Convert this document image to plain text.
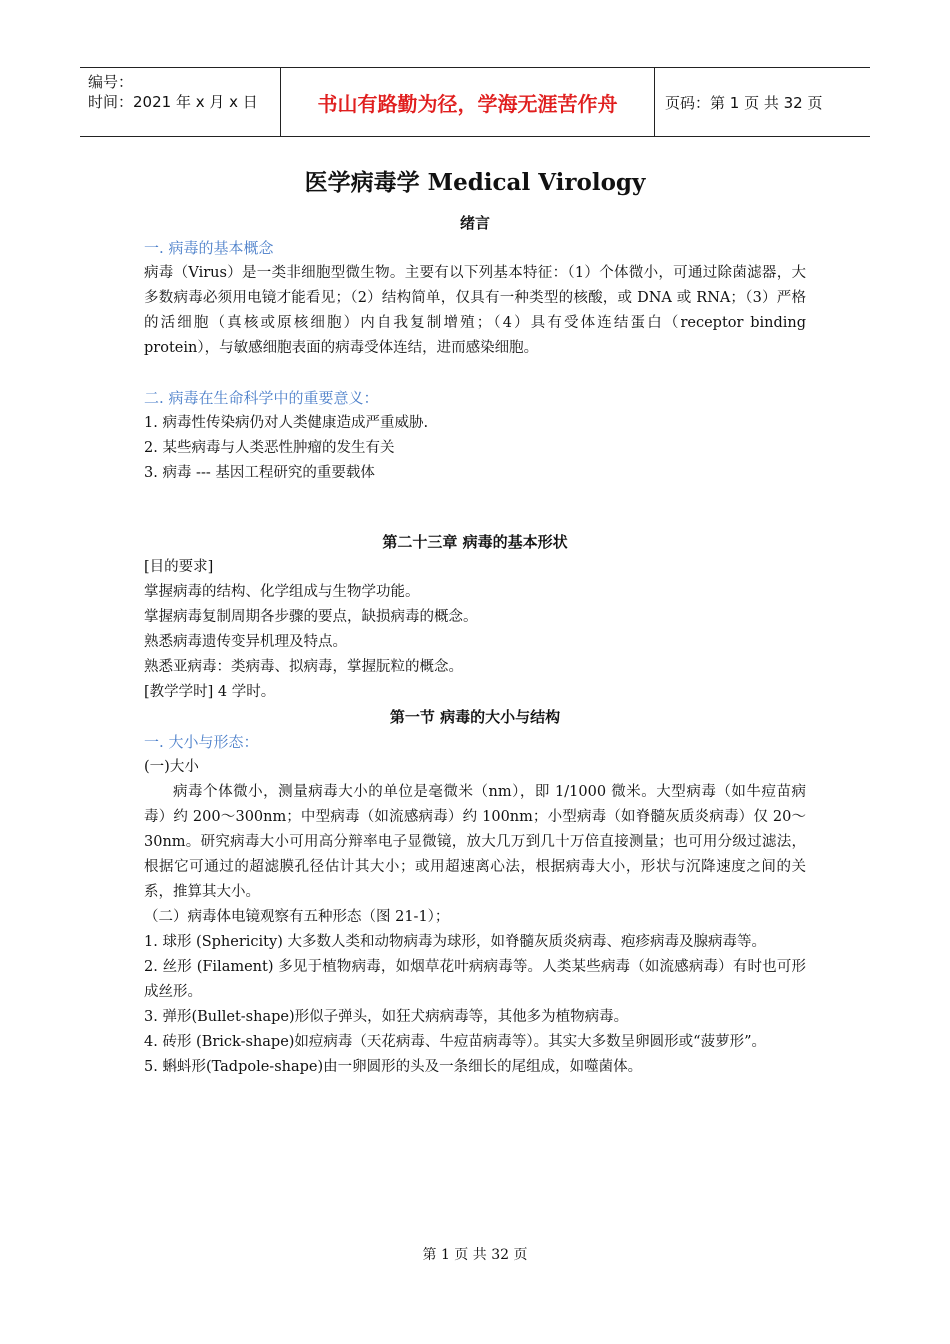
编号：
时间：2021 年 x 月 x 日	书山有路勤为径，学海无涯苦作舟	页码：第 1 页 共 32 页
医学病毒学 Medical Virology
绪言
一. 病毒的基本概念

病毒（Virus）是一类非细胞型微生物。主要有以下列基本特征：（1）个体微小，可通过除菌滤器，大多数病毒必须用电镜才能看见；（2）结构简单，仅具有一种类型的核酸，或 DNA 或 RNA；（3）严格的活细胞（真核或原核细胞）内自我复制增殖；（4）具有受体连结蛋白（receptor binding protein），与敏感细胞表面的病毒受体连结，进而感染细胞。

二. 病毒在生命科学中的重要意义：

1. 病毒性传染病仍对人类健康造成严重威胁.

2. 某些病毒与人类恶性肿瘤的发生有关

3. 病毒 --- 基因工程研究的重要载体

第二十三章 病毒的基本形状

[目的要求]

掌握病毒的结构、化学组成与生物学功能。

掌握病毒复制周期各步骤的要点，缺损病毒的概念。

熟悉病毒遗传变异机理及特点。

熟悉亚病毒：类病毒、拟病毒，掌握朊粒的概念。

[教学学时] 4 学时。

第一节 病毒的大小与结构
一. 大小与形态：

(一)大小

病毒个体微小，测量病毒大小的单位是毫微米（nm），即 1/1000 微米。大型病毒（如牛痘苗病毒）约 200～300nm；中型病毒（如流感病毒）约 100nm；小型病毒（如脊髓灰质炎病毒）仅 20～30nm。研究病毒大小可用高分辩率电子显微镜，放大几万到几十万倍直接测量；也可用分级过滤法，根据它可通过的超滤膜孔径估计其大小；或用超速离心法，根据病毒大小，形状与沉降速度之间的关系，推算其大小。

（二）病毒体电镜观察有五种形态（图 21-1）；

1. 球形 (Sphericity) 大多数人类和动物病毒为球形，如脊髓灰质炎病毒、疱疹病毒及腺病毒等。

2. 丝形 (Filament) 多见于植物病毒，如烟草花叶病病毒等。人类某些病毒（如流感病毒）有时也可形成丝形。

3. 弹形(Bullet-shape)形似子弹头，如狂犬病病毒等，其他多为植物病毒。

4. 砖形 (Brick-shape)如痘病毒（天花病毒、牛痘苗病毒等）。其实大多数呈卵圆形或“菠萝形”。

5. 蝌蚪形(Tadpole-shape)由一卵圆形的头及一条细长的尾组成，如噬菌体。

第 1 页 共 32 页
